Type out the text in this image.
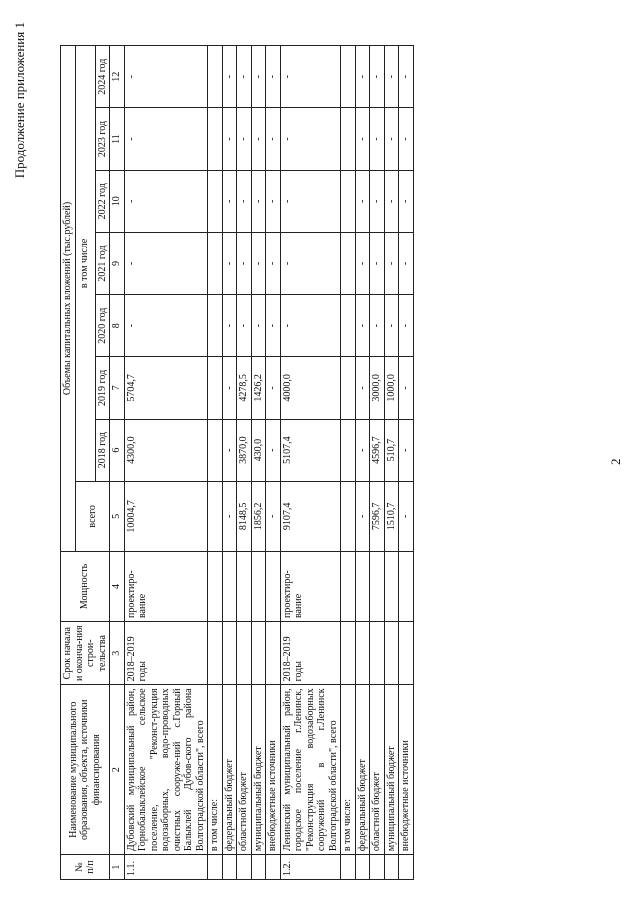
2
Продолжение приложения 1
№ п/п	Наименование муниципального образования, объекта, источники финансирования	Срок начала и оконча-ния строи-тельства	Мощность	Объемы капитальных вложений (тыс.рублей)							
				всего	в том числе						
					2018 год	2019 год	2020 год	2021 год	2022 год	2023 год	2024 год
1	2	3	4	5	6	7	8	9	10	11	12
1.1.	Дубовский муниципальный район, Горнобалыклейское сельское поселение, "Реконст-рукция водозаборных, водо-проводных очистных сооруже-ний с.Горный Балыклей Дубов-ского района Волгоградской области", всего	2018–2019 годы	проектиро-вание	10004,7	4300,0	5704,7	-	-	-	-	-
	в том числе:										
	федеральный бюджет			-	-	-	-	-	-	-	-
	областной бюджет			8148,5	3870,0	4278,5	-	-	-	-	-
	муниципальный бюджет			1856,2	430,0	1426,2	-	-	-	-	-
	внебюджетные источники			-	-	-	-	-	-	-	-
1.2.	Ленинский муниципальный район, городское поселение г.Ленинск, "Реконструкция водозаборных сооружений в г.Ленинск Волгоградской области", всего	2018–2019 годы	проектиро-вание	9107,4	5107,4	4000,0	-	-	-	-	-
	в том числе:										
	федеральный бюджет			-	-	-	-	-	-	-	-
	областной бюджет			7596,7	4596,7	3000,0	-	-	-	-	-
	муниципальный бюджет			1510,7	510,7	1000,0	-	-	-	-	-
	внебюджетные источники			-	-	-	-	-	-	-	-
